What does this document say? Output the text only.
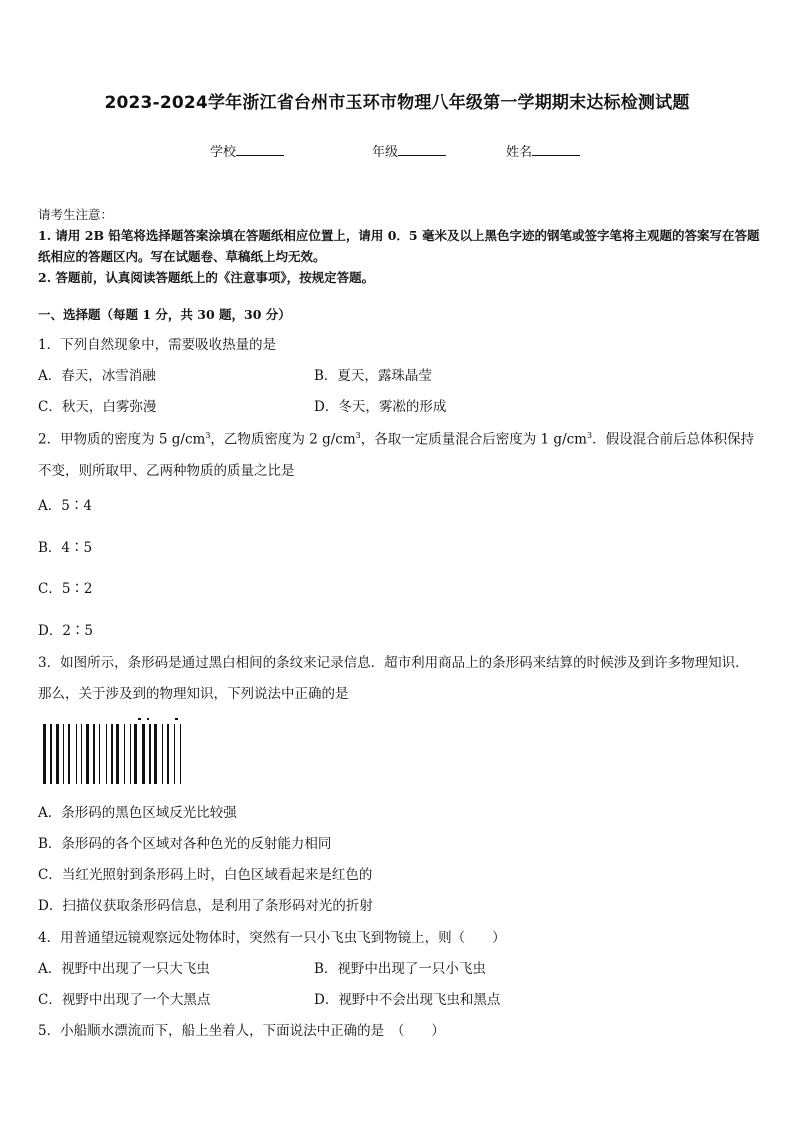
2023-2024学年浙江省台州市玉环市物理八年级第一学期期末达标检测试题
学校	年级	姓名
请考生注意：
1. 请用 2B 铅笔将选择题答案涂填在答题纸相应位置上，请用 0．5 毫米及以上黑色字迹的钢笔或签字笔将主观题的答案写在答题纸相应的答题区内。写在试题卷、草稿纸上均无效。
2. 答题前，认真阅读答题纸上的《注意事项》，按规定答题。
一、选择题（每题 1 分，共 30 题，30 分）
1．下列自然现象中，需要吸收热量的是
A．春天，冰雪消融	B．夏天，露珠晶莹
C．秋天，白雾弥漫	D．冬天，雾凇的形成
2．甲物质的密度为 5 $g/cm^3$，乙物质密度为 2 $g/cm^3$，各取一定质量混合后密度为 1 $g/cm^3$．假设混合前后总体积保持不变，则所取甲、乙两种物质的质量之比是
A．5∶4
B．4∶5
C．5∶2
D．2∶5
3．如图所示，条形码是通过黑白相间的条纹来记录信息．超市利用商品上的条形码来结算的时候涉及到许多物理知识．那么，关于涉及到的物理知识，下列说法中正确的是
A．条形码的黑色区域反光比较强
B．条形码的各个区域对各种色光的反射能力相同
C．当红光照射到条形码上时，白色区域看起来是红色的
D．扫描仪获取条形码信息，是利用了条形码对光的折射
4．用普通望远镜观察远处物体时，突然有一只小飞虫飞到物镜上，则（　　）
A．视野中出现了一只大飞虫	B．视野中出现了一只小飞虫
C．视野中出现了一个大黑点	D．视野中不会出现飞虫和黑点
5．小船顺水漂流而下，船上坐着人，下面说法中正确的是　（　　）
